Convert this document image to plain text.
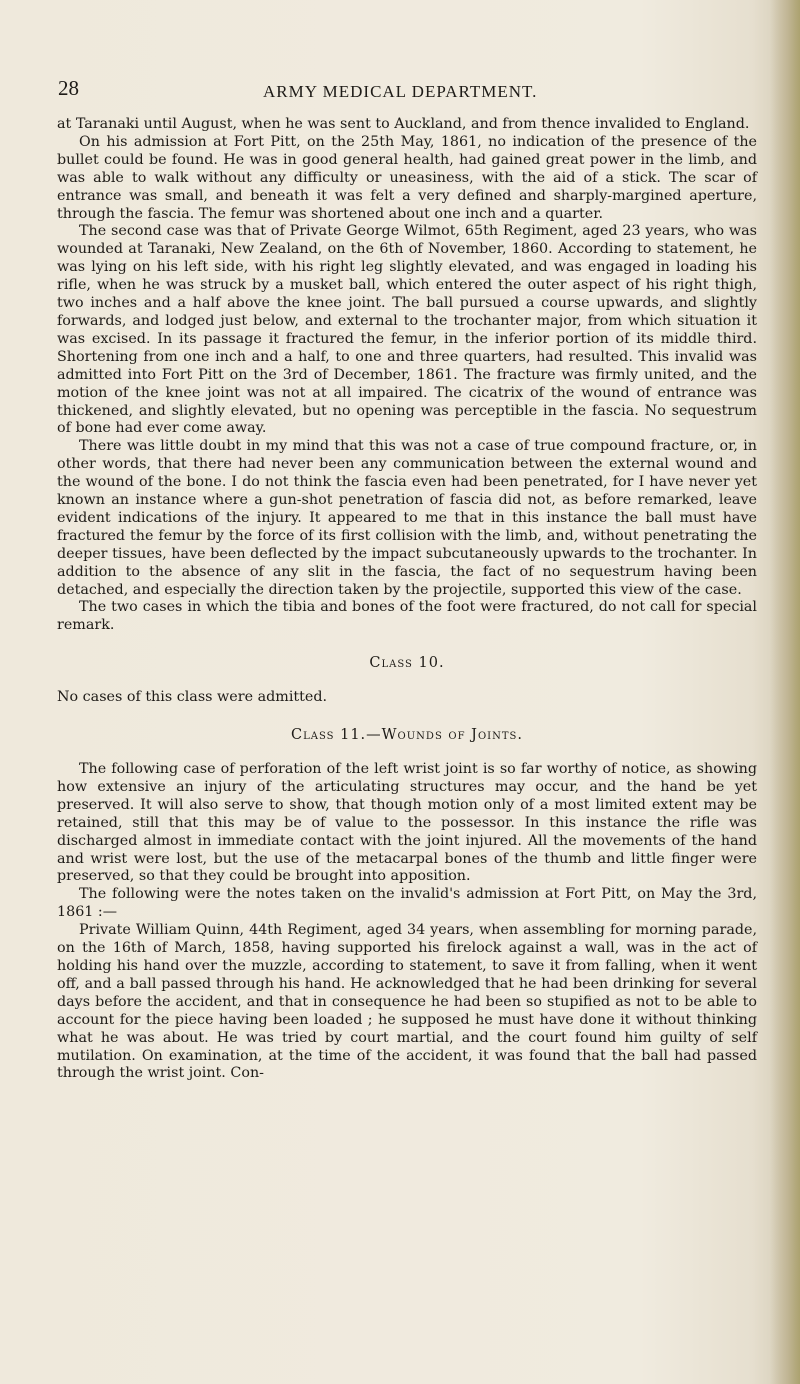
28	ARMY MEDICAL DEPARTMENT.

at Taranaki until August, when he was sent to Auckland, and from thence invalided to England.

On his admission at Fort Pitt, on the 25th May, 1861, no indication of the presence of the bullet could be found. He was in good general health, had gained great power in the limb, and was able to walk without any difficulty or uneasiness, with the aid of a stick. The scar of entrance was small, and beneath it was felt a very defined and sharply-margined aperture, through the fascia. The femur was shortened about one inch and a quarter.

The second case was that of Private George Wilmot, 65th Regiment, aged 23 years, who was wounded at Taranaki, New Zealand, on the 6th of November, 1860. According to statement, he was lying on his left side, with his right leg slightly elevated, and was engaged in loading his rifle, when he was struck by a musket ball, which entered the outer aspect of his right thigh, two inches and a half above the knee joint. The ball pursued a course upwards, and slightly forwards, and lodged just below, and external to the trochanter major, from which situation it was excised. In its passage it fractured the femur, in the inferior portion of its middle third. Shortening from one inch and a half, to one and three quarters, had resulted. This invalid was admitted into Fort Pitt on the 3rd of December, 1861. The fracture was firmly united, and the motion of the knee joint was not at all impaired. The cicatrix of the wound of entrance was thickened, and slightly elevated, but no opening was perceptible in the fascia. No sequestrum of bone had ever come away.

There was little doubt in my mind that this was not a case of true compound fracture, or, in other words, that there had never been any communication between the external wound and the wound of the bone. I do not think the fascia even had been penetrated, for I have never yet known an instance where a gun-shot penetration of fascia did not, as before remarked, leave evident indications of the injury. It appeared to me that in this instance the ball must have fractured the femur by the force of its first collision with the limb, and, without penetrating the deeper tissues, have been deflected by the impact subcutaneously upwards to the trochanter. In addition to the absence of any slit in the fascia, the fact of no sequestrum having been detached, and especially the direction taken by the projectile, supported this view of the case.

The two cases in which the tibia and bones of the foot were fractured, do not call for special remark.

Class 10.

No cases of this class were admitted.

Class 11.—Wounds of Joints.

The following case of perforation of the left wrist joint is so far worthy of notice, as showing how extensive an injury of the articulating structures may occur, and the hand be yet preserved. It will also serve to show, that though motion only of a most limited extent may be retained, still that this may be of value to the possessor. In this instance the rifle was discharged almost in immediate contact with the joint injured. All the movements of the hand and wrist were lost, but the use of the metacarpal bones of the thumb and little finger were preserved, so that they could be brought into apposition.

The following were the notes taken on the invalid's admission at Fort Pitt, on May the 3rd, 1861 :—

Private William Quinn, 44th Regiment, aged 34 years, when assembling for morning parade, on the 16th of March, 1858, having supported his firelock against a wall, was in the act of holding his hand over the muzzle, according to statement, to save it from falling, when it went off, and a ball passed through his hand. He acknowledged that he had been drinking for several days before the accident, and that in consequence he had been so stupified as not to be able to account for the piece having been loaded ; he supposed he must have done it without thinking what he was about. He was tried by court martial, and the court found him guilty of self mutilation. On examination, at the time of the accident, it was found that the ball had passed through the wrist joint. Con-
